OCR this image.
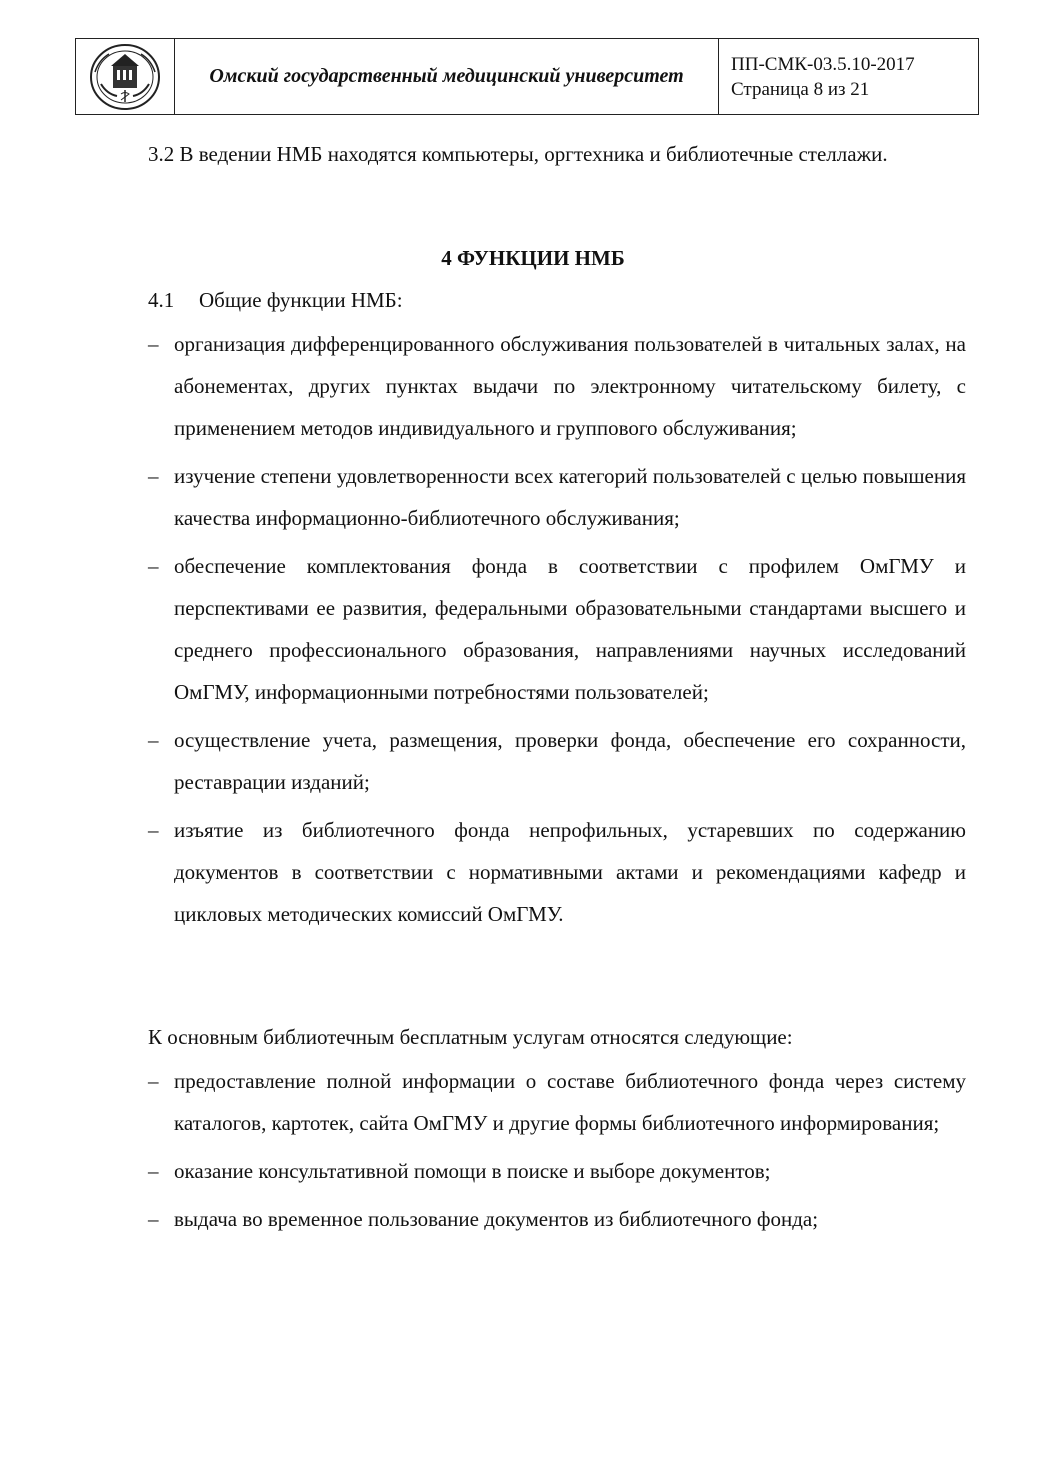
	Омский государственный медицинский университет	
ПП-СМК-03.5.10-2017
Страница 8 из 21

3.2 В ведении НМБ находятся компьютеры, оргтехника и библиотечные стеллажи.

4 ФУНКЦИИ НМБ

4.1 Общие функции НМБ:

– организация дифференцированного обслуживания пользователей в читальных залах, на абонементах, других пунктах выдачи по электронному читательскому билету, с применением методов индивидуального и группового обслуживания;
– изучение степени удовлетворенности всех категорий пользователей с целью повышения качества информационно-библиотечного обслуживания;
– обеспечение комплектования фонда в соответствии с профилем ОмГМУ и перспективами ее развития, федеральными образовательными стандартами высшего и среднего профессионального образования, направлениями научных исследований ОмГМУ, информационными потребностями пользователей;
– осуществление учета, размещения, проверки фонда, обеспечение его сохранности, реставрации изданий;
– изъятие из библиотечного фонда непрофильных, устаревших по содержанию документов в соответствии с нормативными актами и рекомендациями кафедр и цикловых методических комиссий ОмГМУ.

К основным библиотечным бесплатным услугам относятся следующие:

– предоставление полной информации о составе библиотечного фонда через систему каталогов, картотек, сайта ОмГМУ и другие формы библиотечного информирования;
– оказание консультативной помощи в поиске и выборе документов;
– выдача во временное пользование документов из библиотечного фонда;
